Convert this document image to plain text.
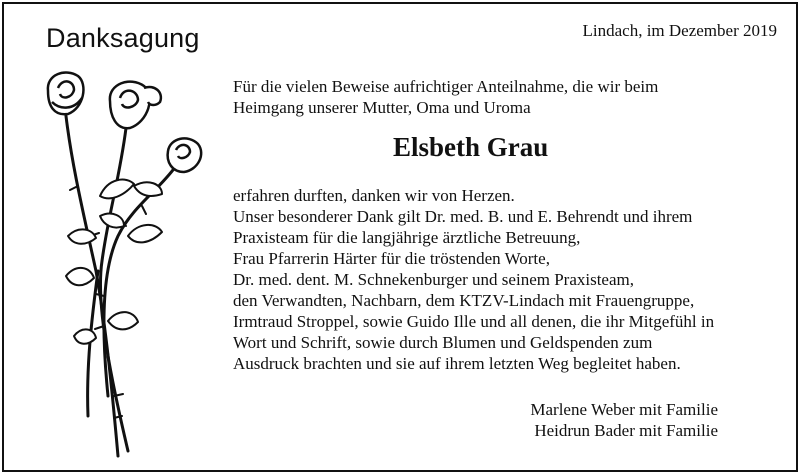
Danksagung	Lindach, im Dezember 2019

Für die vielen Beweise aufrichtiger Anteilnahme, die wir beim

Heimgang unserer Mutter, Oma und Uroma

Elsbeth Grau

erfahren durften, danken wir von Herzen.

Unser besonderer Dank gilt Dr. med. B. und E. Behrendt und ihrem

Praxisteam für die langjährige ärztliche Betreuung,

Frau Pfarrerin Härter für die tröstenden Worte,

Dr. med. dent. M. Schnekenburger und seinem Praxisteam,

den Verwandten, Nachbarn, dem KTZV-Lindach mit Frauengruppe,

Irmtraud Stroppel, sowie Guido Ille und all denen, die ihr Mitgefühl in

Wort und Schrift, sowie durch Blumen und Geldspenden zum

Ausdruck brachten und sie auf ihrem letzten Weg begleitet haben.

Marlene Weber mit Familie

Heidrun Bader mit Familie
